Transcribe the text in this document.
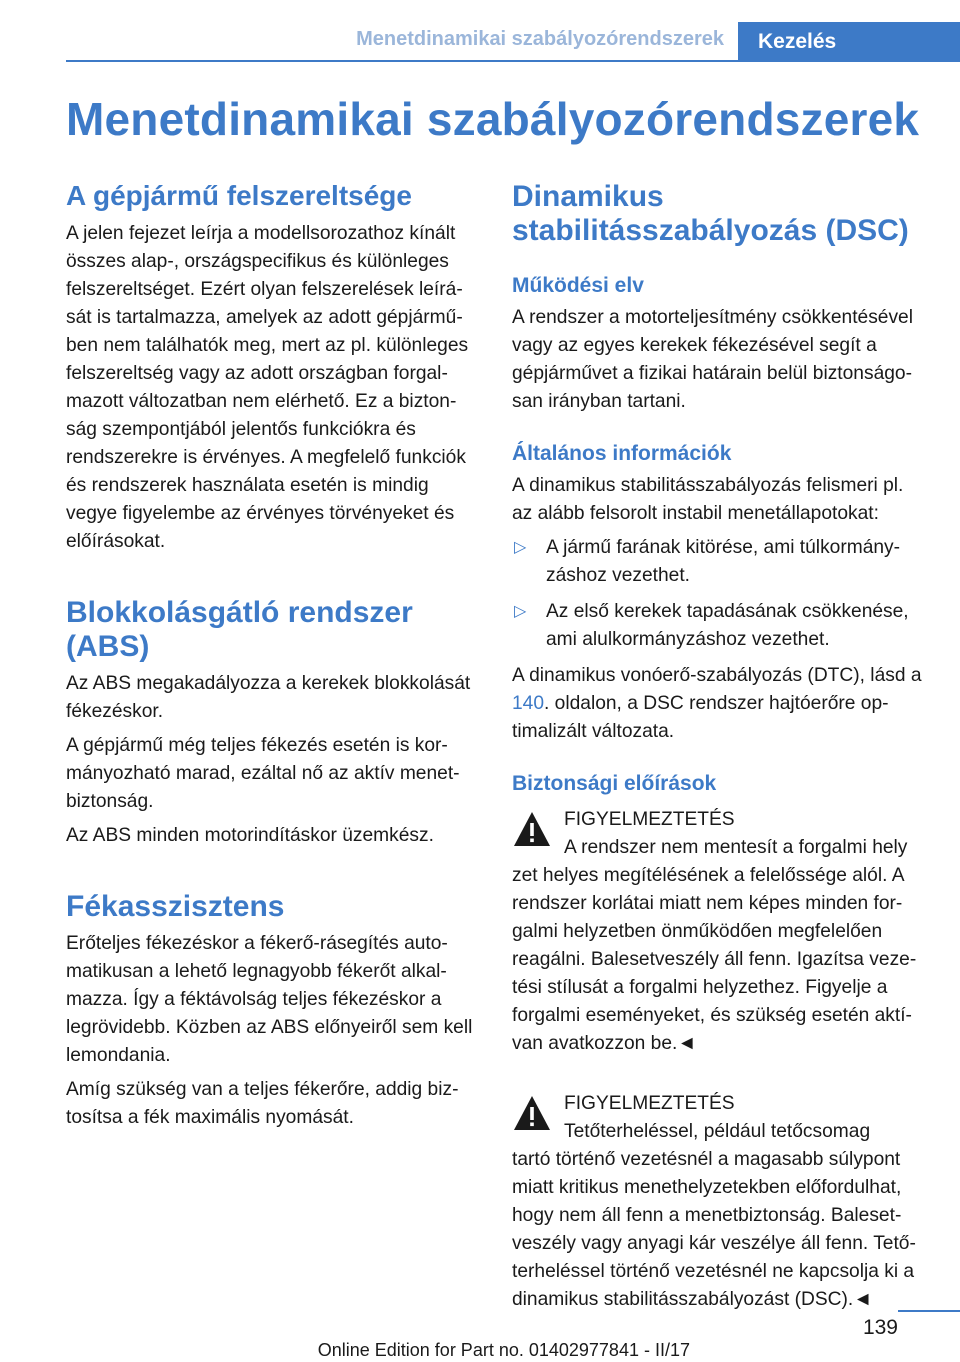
Menetdinamikai szabályozórendszerek	Kezelés
Menetdinamikai szabályozórendszerek
A gépjármű felszereltsége

A jelen fejezet leírja a modellsorozathoz kínált összes alap-, országspecifikus és különleges felszereltséget. Ezért olyan felszerelések leírását is tartalmazza, amelyek az adott gépjárműben nem találhatók meg, mert az pl. különleges felszereltség vagy az adott országban forgalmazott változatban nem elérhető. Ez a biztonság szempontjából jelentős funkciókra és rendszerekre is érvényes. A megfelelő funkciók és rendszerek használata esetén is mindig vegye figyelembe az érvényes törvényeket és előírásokat.

Blokkolásgátló rendszer (ABS)

Az ABS megakadályozza a kerekek blokkolását fékezéskor.

A gépjármű még teljes fékezés esetén is kormányozható marad, ezáltal nő az aktív menetbiztonság.

Az ABS minden motorindításkor üzemkész.

Fékasszisztens

Erőteljes fékezéskor a fékerő-rásegítés automatikusan a lehető legnagyobb fékerőt alkalmazza. Így a féktávolság teljes fékezéskor a legrövidebb. Közben az ABS előnyeiről sem kell lemondania.

Amíg szükség van a teljes fékerőre, addig biztosítsa a fék maximális nyomását.

Dinamikus stabilitásszabályozás (DSC)
Működési elv

A rendszer a motorteljesítmény csökkentésével vagy az egyes kerekek fékezésével segít a gépjárművet a fizikai határain belül biztonságosan irányban tartani.

Általános információk

A dinamikus stabilitásszabályozás felismeri pl. az alább felsorolt instabil menetállapotokat:

▷ A jármű farának kitörése, ami túlkormányzáshoz vezethet.
▷ Az első kerekek tapadásának csökkenése, ami alulkormányzáshoz vezethet.

A dinamikus vonóerő-szabályozás (DTC), lásd a 140. oldalon, a DSC rendszer hajtóerőre optimalizált változata.

Biztonsági előírások
FIGYELMEZTETÉS
A rendszer nem mentesít a forgalmi hely

zet helyes megítélésének a felelőssége alól. A rendszer korlátai miatt nem képes minden forgalmi helyzetben önműködően megfelelően reagálni. Balesetveszély áll fenn. Igazítsa vezetési stílusát a forgalmi helyzethez. Figyelje a forgalmi eseményeket, és szükség esetén aktívan avatkozzon be.◄

FIGYELMEZTETÉS
Tetőterheléssel, például tetőcsomag

tartó történő vezetésnél a magasabb súlypont miatt kritikus menethelyzetekben előfordulhat, hogy nem áll fenn a menetbiztonság. Balesetveszély vagy anyagi kár veszélye áll fenn. Tetőterheléssel történő vezetésnél ne kapcsolja ki a dinamikus stabilitásszabályozást (DSC).◄

139
Online Edition for Part no. 01402977841 - II/17
